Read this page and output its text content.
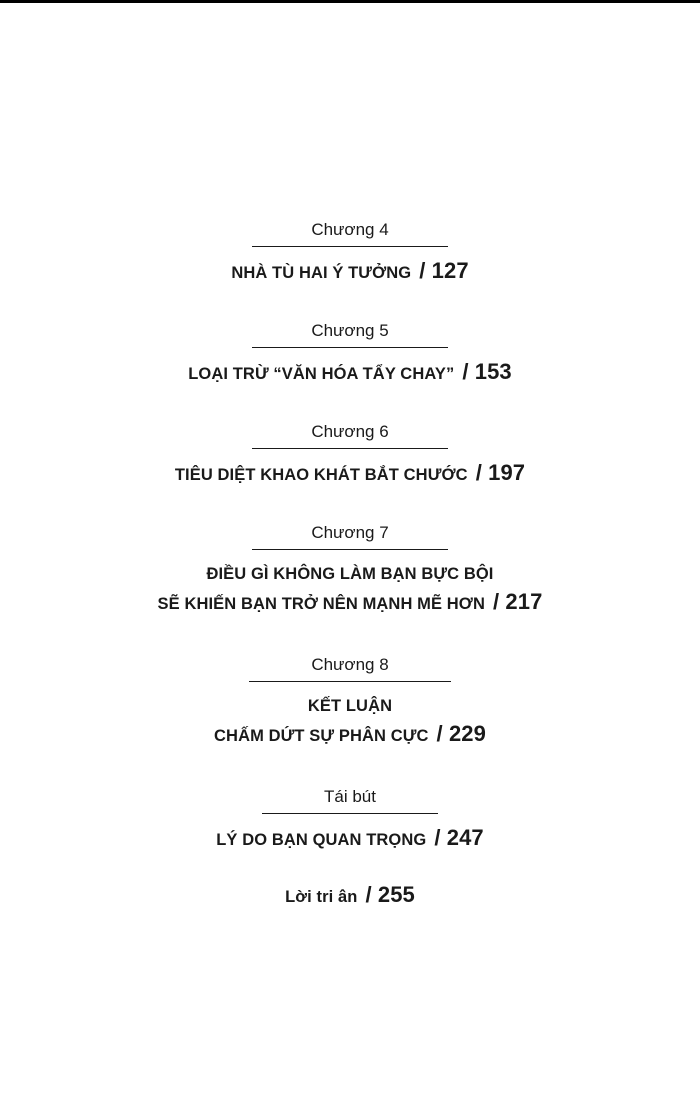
Chương 4
NHÀ TÙ HAI Ý TƯỞNG / 127
Chương 5
LOẠI TRỪ “VĂN HÓA TẨY CHAY” / 153
Chương 6
TIÊU DIỆT KHAO KHÁT BẮT CHƯỚC / 197
Chương 7
ĐIỀU GÌ KHÔNG LÀM BẠN BỰC BỘI
SẼ KHIẾN BẠN TRỞ NÊN MẠNH MẼ HƠN / 217
Chương 8
KẾT LUẬN
CHẤM DỨT SỰ PHÂN CỰC / 229
Tái bút
LÝ DO BẠN QUAN TRỌNG / 247
Lời tri ân / 255
